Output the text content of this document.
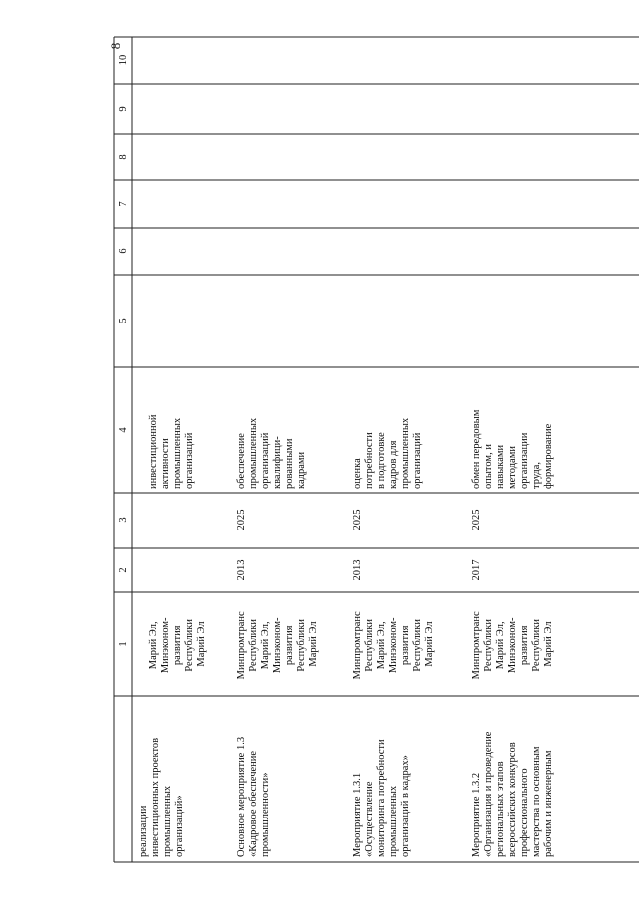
8
10
9
8
7
6
5
4
3
2
1
реализации инвестиционных проектов промышленных организаций»
Марий Эл, Минэконом- развития Республики Марий Эл
инвестиционной активности промышленных организаций
Основное мероприятие 1.3 «Кадровое обеспечение промышленности»
Минпромтранс Республики Марий Эл, Минэконом- развития Республики Марий Эл
2013
2025
обеспечение промышленных организаций квалифици- рованными кадрами
Мероприятие 1.3.1 «Осуществление мониторинга потребности промышленных организаций в кадрах»
Минпромтранс Республики Марий Эл, Минэконом- развития Республики Марий Эл
2013
2025
оценка потребности в подготовке кадров для промышленных организаций
Мероприятие 1.3.2 «Организация и проведение региональных этапов всероссийских конкурсов профессионального мастерства по основным рабочим и инженерным
Минпромтранс Республики Марий Эл, Минэконом- развития Республики Марий Эл
2017
2025
обмен передовым опытом, и навыками методами организации труда, формирование
